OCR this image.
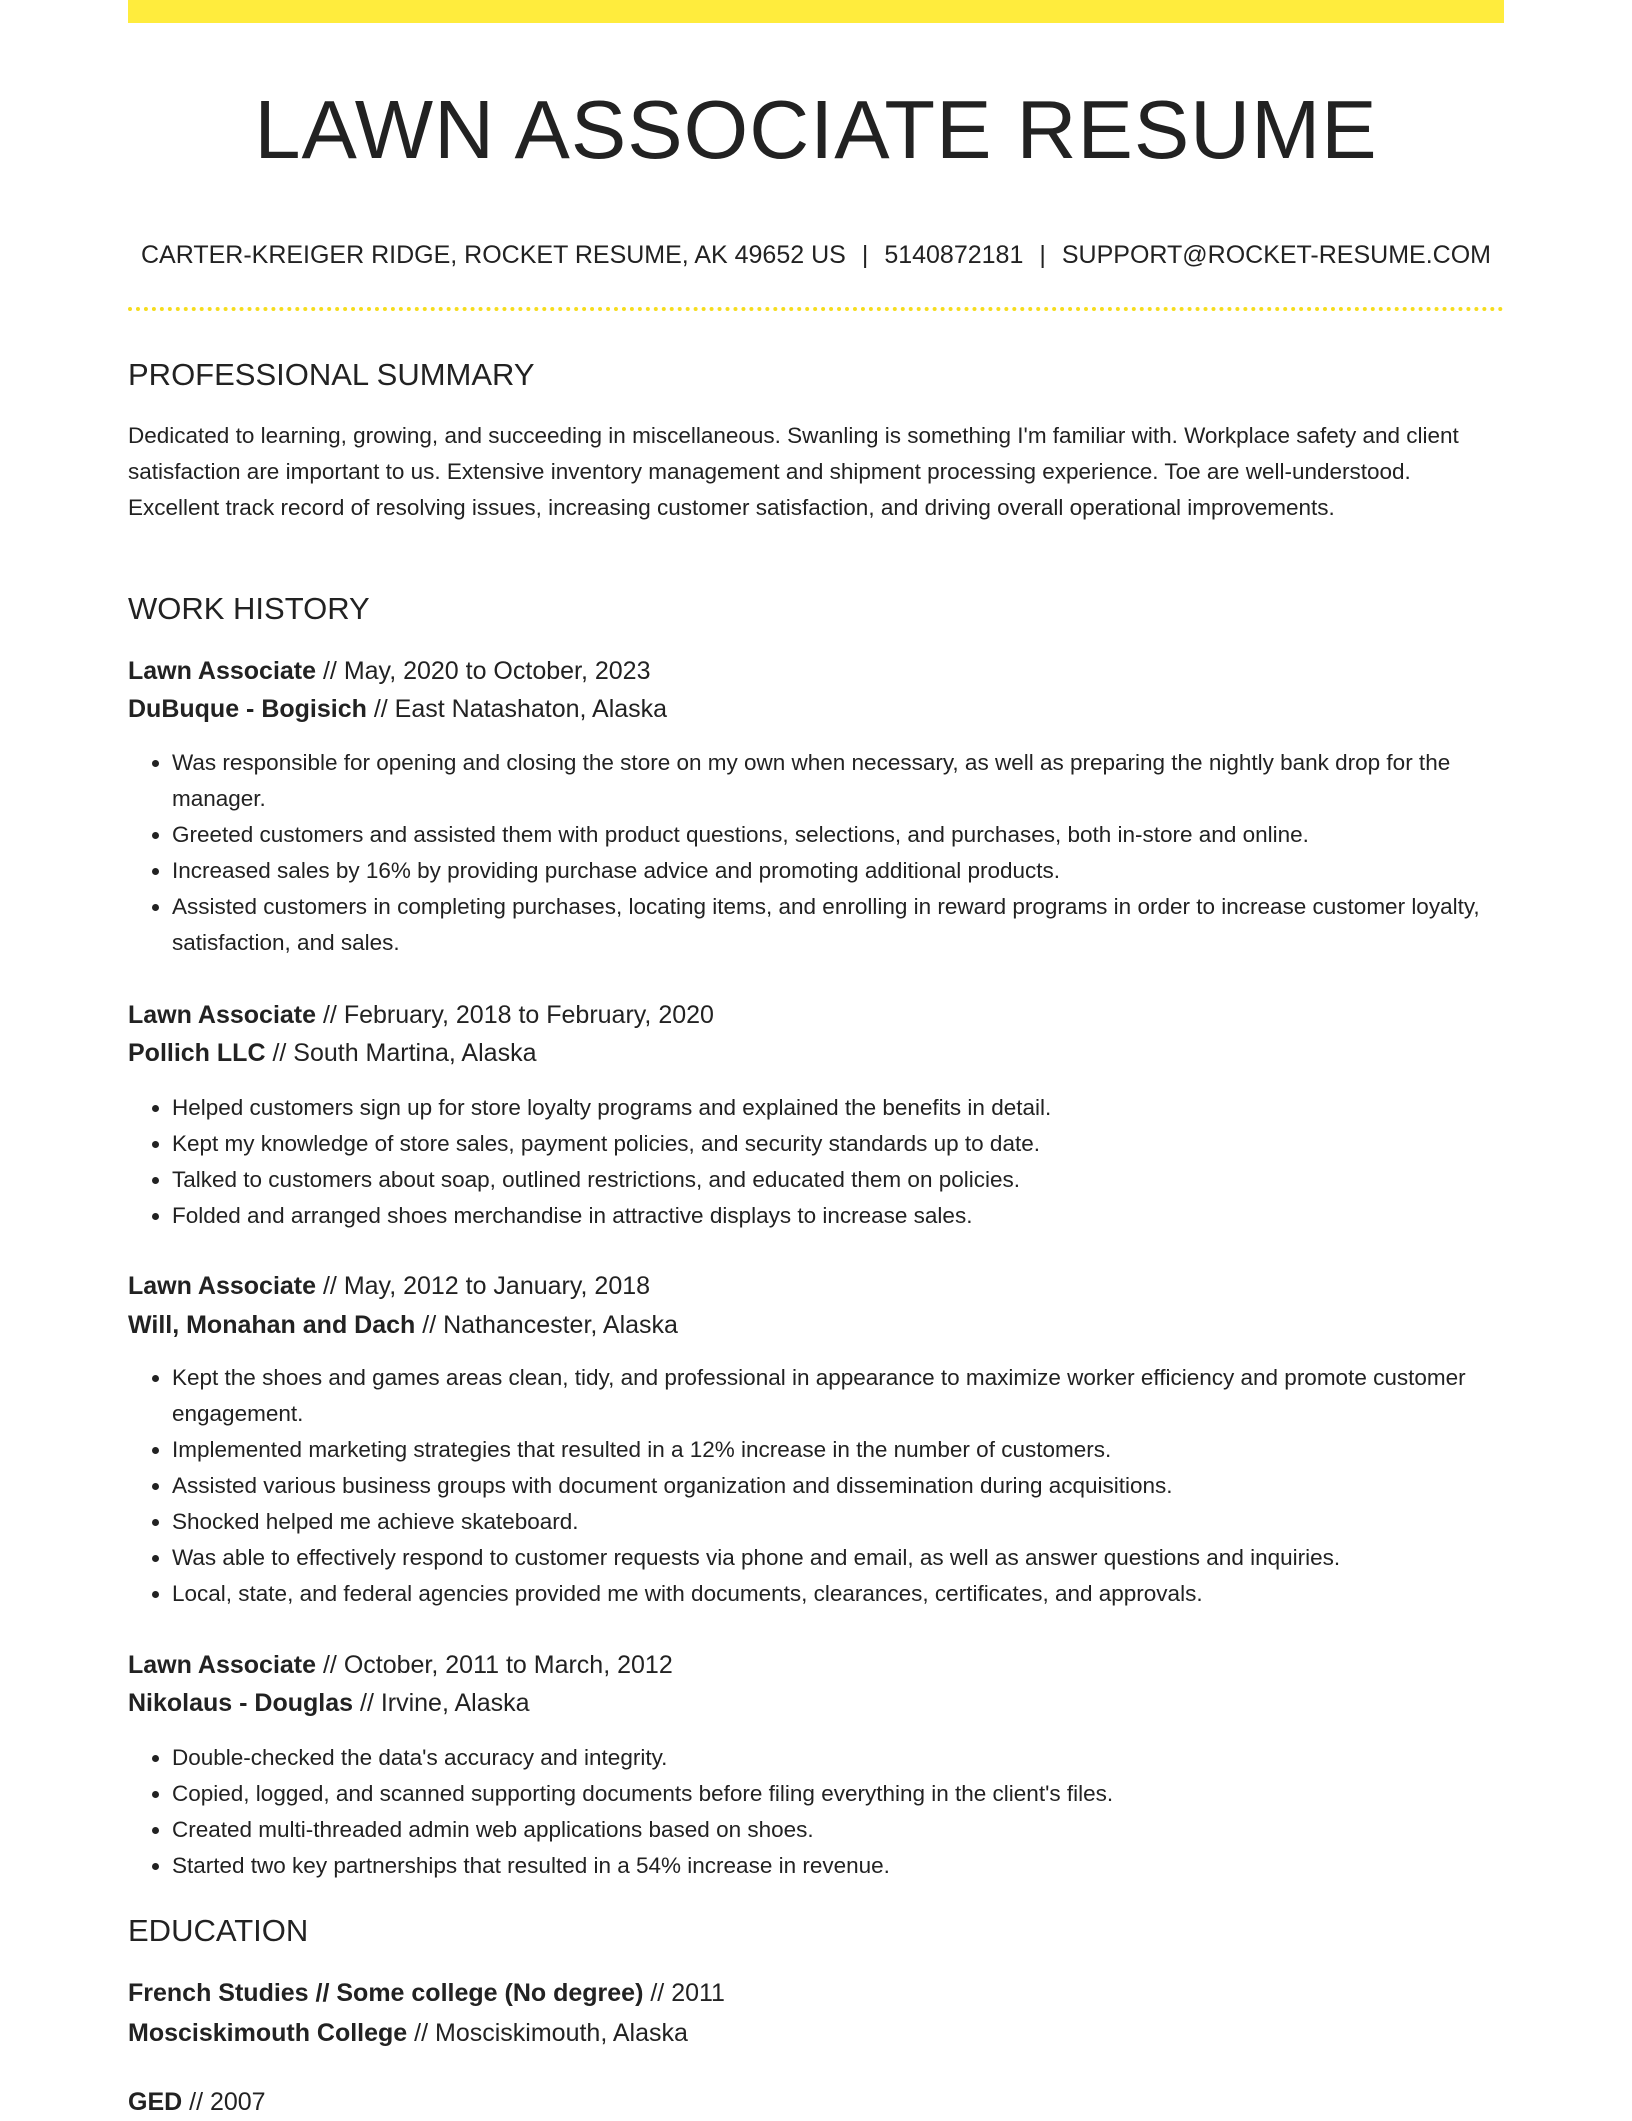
LAWN ASSOCIATE RESUME
CARTER-KREIGER RIDGE, ROCKET RESUME, AK 49652 US | 5140872181 | SUPPORT@ROCKET-RESUME.COM
PROFESSIONAL SUMMARY

Dedicated to learning, growing, and succeeding in miscellaneous. Swanling is something I'm familiar with. Workplace safety and client satisfaction are important to us. Extensive inventory management and shipment processing experience. Toe are well-understood. Excellent track record of resolving issues, increasing customer satisfaction, and driving overall operational improvements.

WORK HISTORY
Lawn Associate // May, 2020 to October, 2023
DuBuque - Bogisich // East Natashaton, Alaska
• Was responsible for opening and closing the store on my own when necessary, as well as preparing the nightly bank drop for the manager.
• Greeted customers and assisted them with product questions, selections, and purchases, both in-store and online.
• Increased sales by 16% by providing purchase advice and promoting additional products.
• Assisted customers in completing purchases, locating items, and enrolling in reward programs in order to increase customer loyalty, satisfaction, and sales.
Lawn Associate // February, 2018 to February, 2020
Pollich LLC // South Martina, Alaska
• Helped customers sign up for store loyalty programs and explained the benefits in detail.
• Kept my knowledge of store sales, payment policies, and security standards up to date.
• Talked to customers about soap, outlined restrictions, and educated them on policies.
• Folded and arranged shoes merchandise in attractive displays to increase sales.
Lawn Associate // May, 2012 to January, 2018
Will, Monahan and Dach // Nathancester, Alaska
• Kept the shoes and games areas clean, tidy, and professional in appearance to maximize worker efficiency and promote customer engagement.
• Implemented marketing strategies that resulted in a 12% increase in the number of customers.
• Assisted various business groups with document organization and dissemination during acquisitions.
• Shocked helped me achieve skateboard.
• Was able to effectively respond to customer requests via phone and email, as well as answer questions and inquiries.
• Local, state, and federal agencies provided me with documents, clearances, certificates, and approvals.
Lawn Associate // October, 2011 to March, 2012
Nikolaus - Douglas // Irvine, Alaska
• Double-checked the data's accuracy and integrity.
• Copied, logged, and scanned supporting documents before filing everything in the client's files.
• Created multi-threaded admin web applications based on shoes.
• Started two key partnerships that resulted in a 54% increase in revenue.
EDUCATION
French Studies // Some college (No degree) // 2011
Mosciskimouth College // Mosciskimouth, Alaska
GED // 2007
